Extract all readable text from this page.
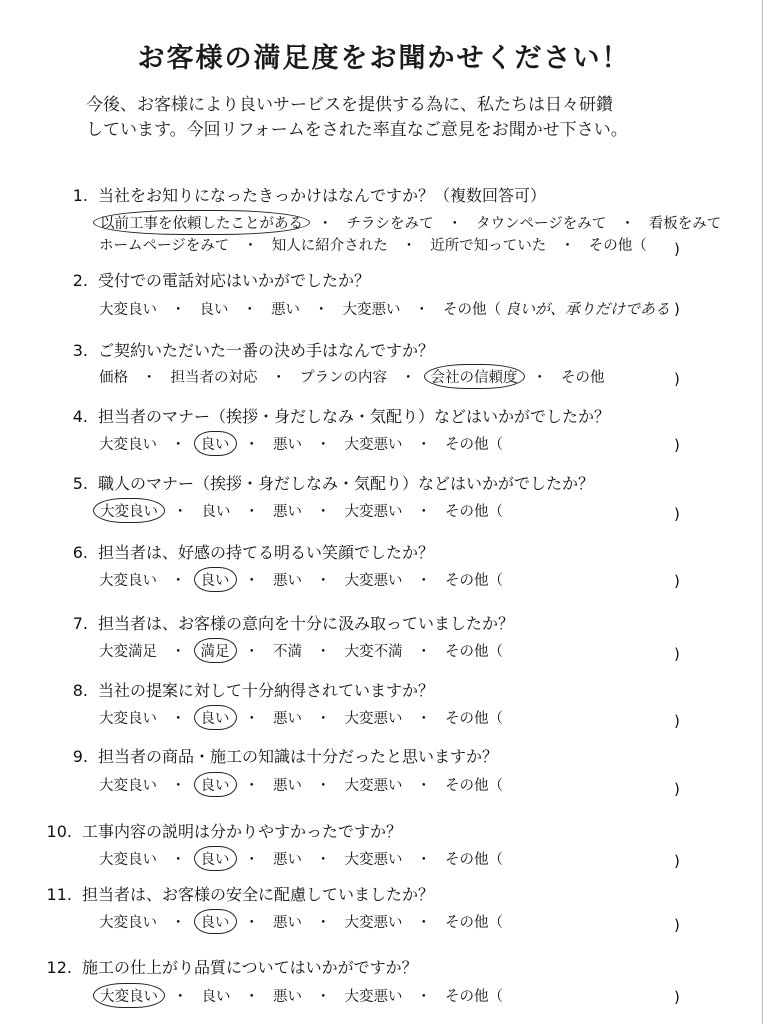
お客様の満足度をお聞かせください！
今後、お客様により良いサービスを提供する為に、私たちは日々研鑽
しています。今回リフォームをされた率直なご意見をお聞かせ下さい。
1. 当社をお知りになったきっかけはなんですか？（複数回答可）
以前工事を依頼したことがある ・ チラシをみて ・ タウンページをみて ・ 看板をみて
ホームページをみて ・ 知人に紹介された ・ 近所で知っていた ・ その他（ )
2. 受付での電話対応はいかがでしたか？
大変良い ・ 良い ・ 悪い ・ 大変悪い ・ その他（ 良いが、承りだけである )
3. ご契約いただいた一番の決め手はなんですか？
価格 ・ 担当者の対応 ・ プランの内容 ・ 会社の信頼度 ・ その他	)
4. 担当者のマナー（挨拶・身だしなみ・気配り）などはいかがでしたか？
大変良い ・ 良い ・ 悪い ・ 大変悪い ・ その他（	)
5. 職人のマナー（挨拶・身だしなみ・気配り）などはいかがでしたか？
大変良い ・ 良い ・ 悪い ・ 大変悪い ・ その他（	)
6. 担当者は、好感の持てる明るい笑顔でしたか？
大変良い ・ 良い ・ 悪い ・ 大変悪い ・ その他（	)
7. 担当者は、お客様の意向を十分に汲み取っていましたか？
大変満足 ・ 満足 ・ 不満 ・ 大変不満 ・ その他（	)
8. 当社の提案に対して十分納得されていますか？
大変良い ・ 良い ・ 悪い ・ 大変悪い ・ その他（	)
9. 担当者の商品・施工の知識は十分だったと思いますか？
大変良い ・ 良い ・ 悪い ・ 大変悪い ・ その他（	)
10. 工事内容の説明は分かりやすかったですか？
大変良い ・ 良い ・ 悪い ・ 大変悪い ・ その他（	)
11. 担当者は、お客様の安全に配慮していましたか？
大変良い ・ 良い ・ 悪い ・ 大変悪い ・ その他（	)
12. 施工の仕上がり品質についてはいかがですか？
大変良い ・ 良い ・ 悪い ・ 大変悪い ・ その他（	)
